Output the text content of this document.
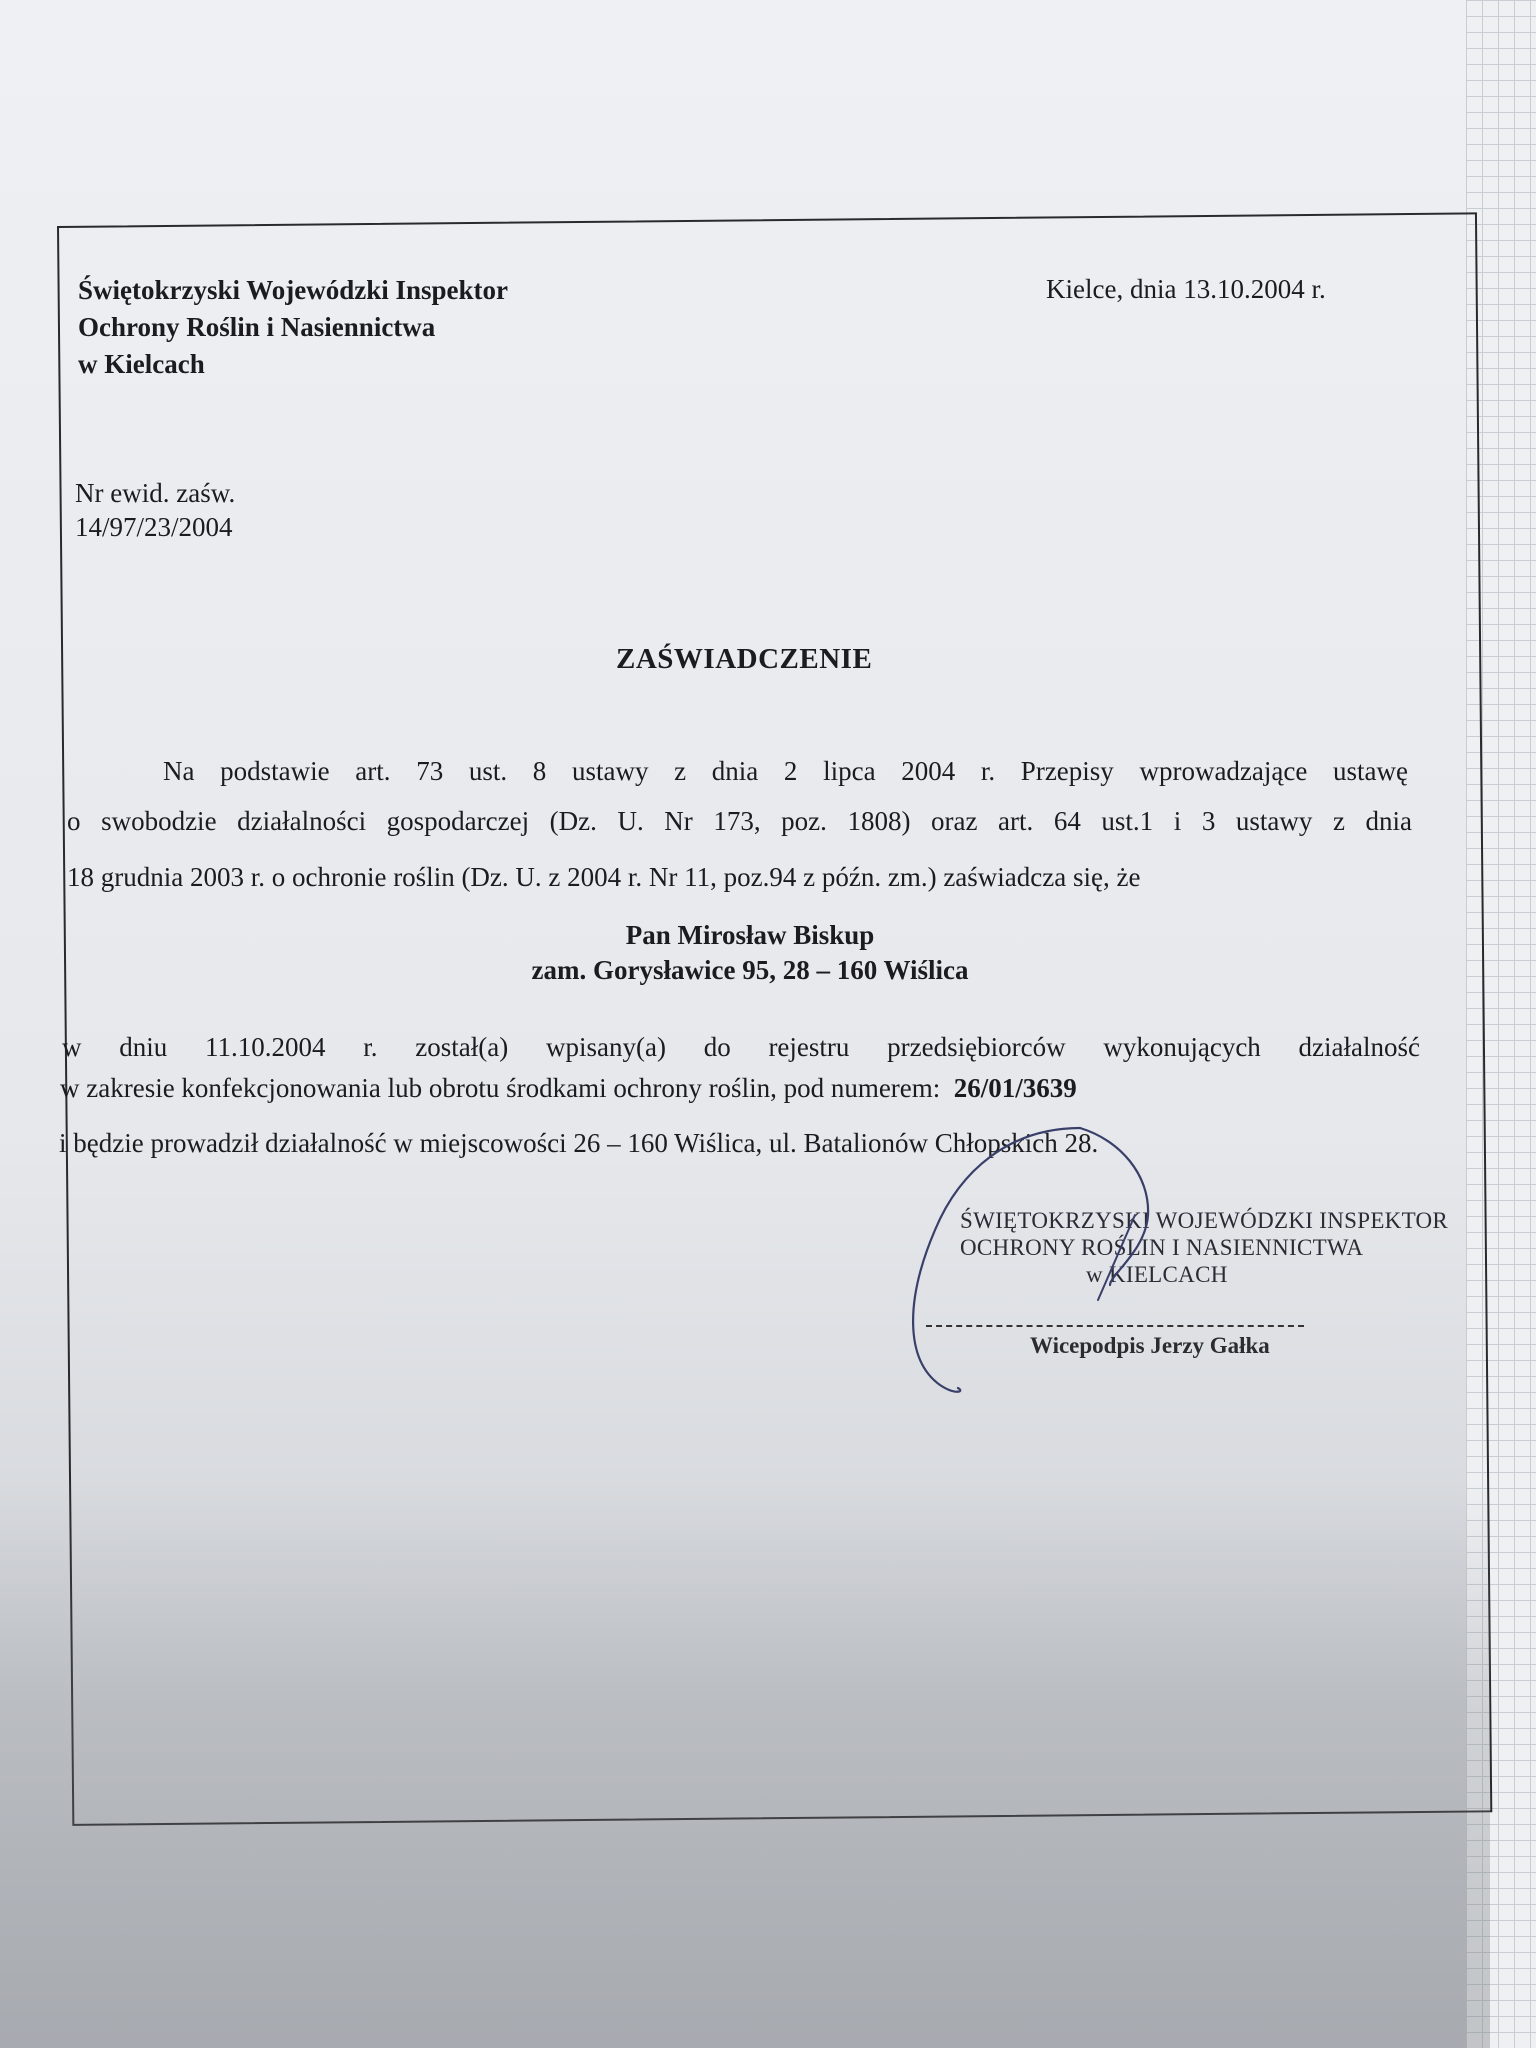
Świętokrzyski Wojewódzki Inspektor
Ochrony Roślin i Nasiennictwa
w Kielcach
Kielce, dnia 13.10.2004 r.
Nr ewid. zaśw.
14/97/23/2004
ZAŚWIADCZENIE
Na podstawie art. 73 ust. 8 ustawy z dnia 2 lipca 2004 r. Przepisy wprowadzające ustawę
o swobodzie działalności gospodarczej (Dz. U. Nr 173, poz. 1808) oraz art. 64 ust.1 i 3 ustawy z dnia
18 grudnia 2003 r. o ochronie roślin (Dz. U. z 2004 r. Nr 11, poz.94 z późn. zm.) zaświadcza się, że
Pan Mirosław Biskup
zam. Gorysławice 95, 28 – 160 Wiślica
w dniu 11.10.2004 r. został(a) wpisany(a) do rejestru przedsiębiorców wykonujących działalność
w zakresie konfekcjonowania lub obrotu środkami ochrony roślin, pod numerem: 26/01/3639
i będzie prowadził działalność w miejscowości 26 – 160 Wiślica, ul. Batalionów Chłopskich 28.
ŚWIĘTOKRZYSKI WOJEWÓDZKI INSPEKTOR
OCHRONY ROŚLIN I NASIENNICTWA
w KIELCACH
Wicepodpis Jerzy Gałka
